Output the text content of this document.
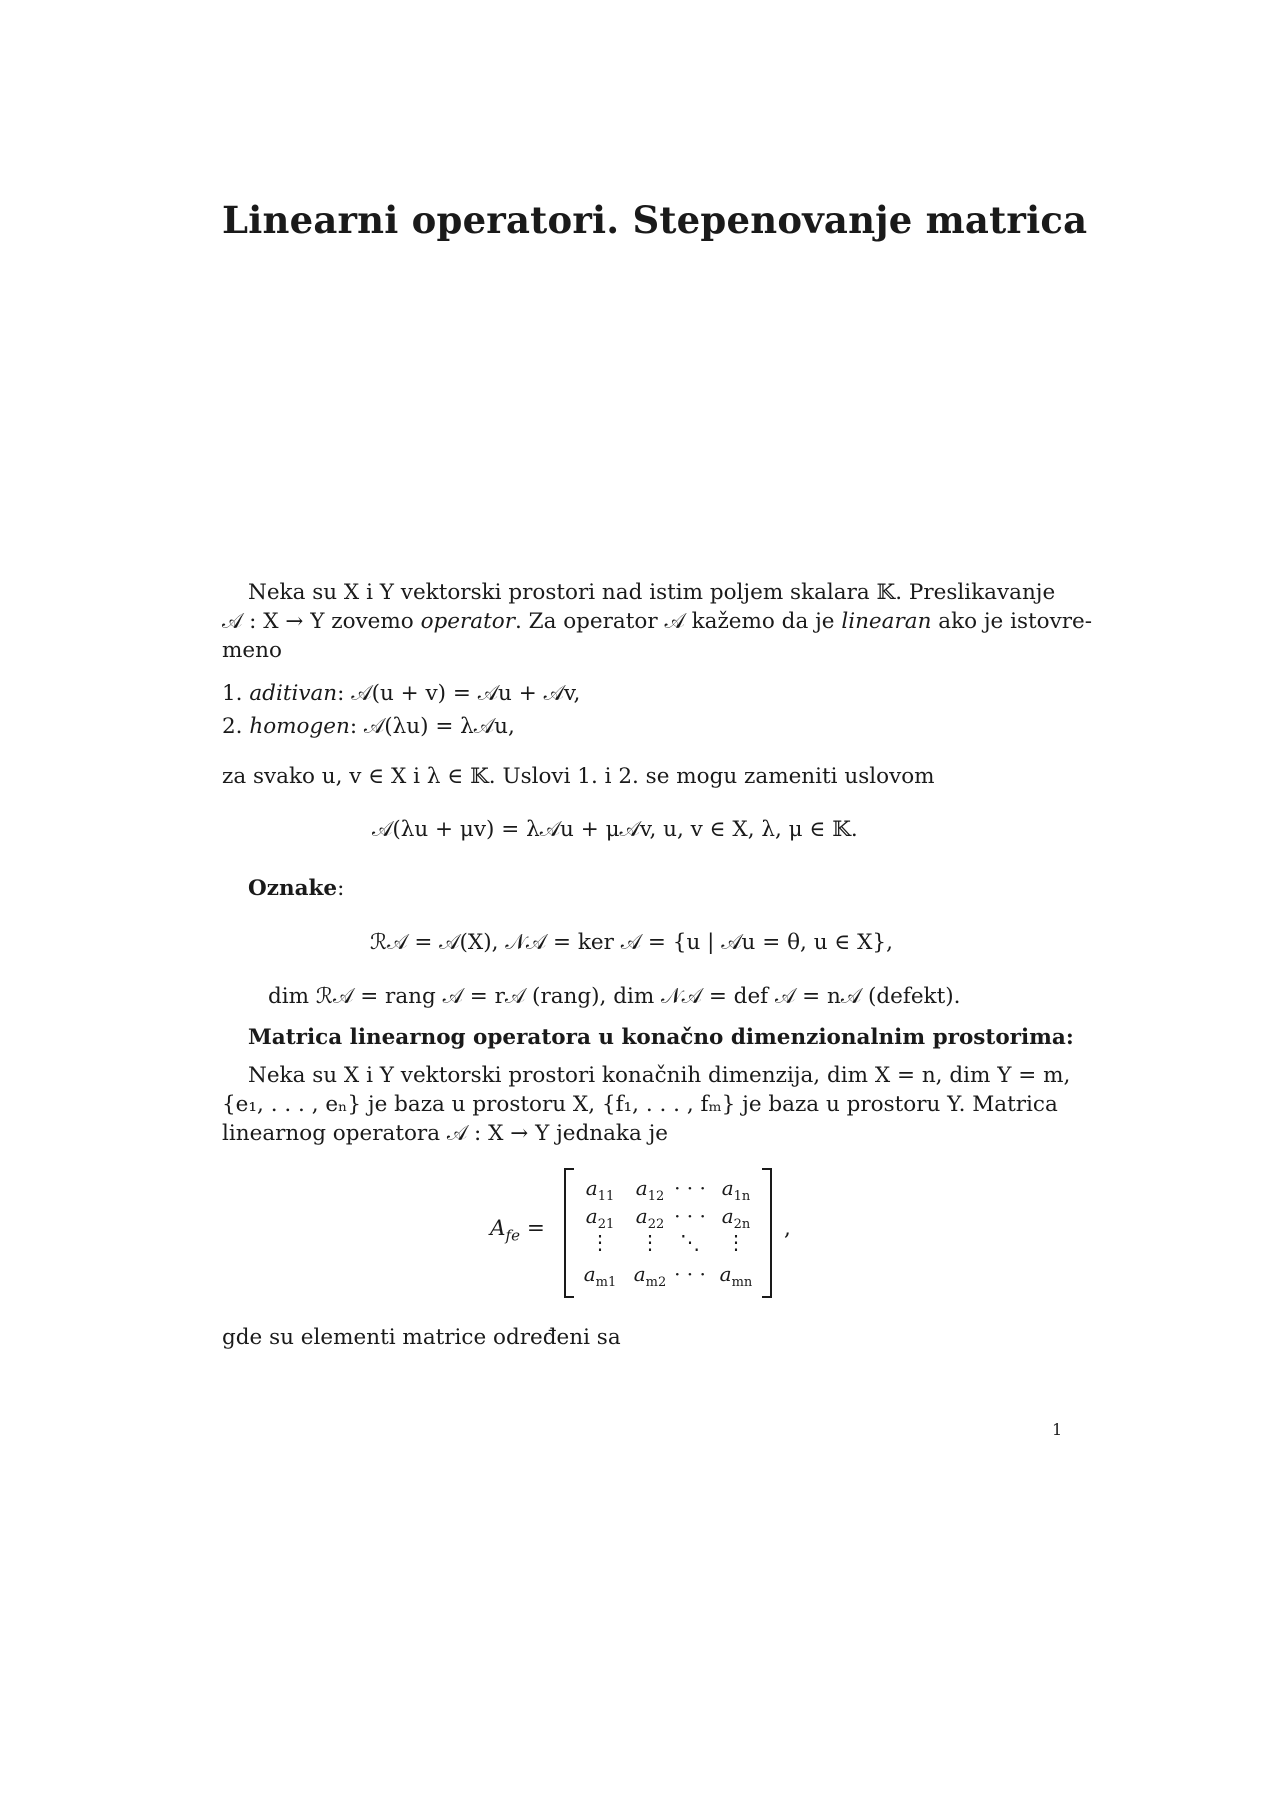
Linearni operatori. Stepenovanje matrica

Neka su X i Y vektorski prostori nad istim poljem skalara 𝕂. Preslikavanje

𝒜 : X → Y zovemo operator. Za operator 𝒜 kažemo da je linearan ako je istovre-

meno

1. aditivan: 𝒜(u + v) = 𝒜u + 𝒜v,
2. homogen: 𝒜(λu) = λ𝒜u,

za svako u, v ∈ X i λ ∈ 𝕂. Uslovi 1. i 2. se mogu zameniti uslovom

𝒜(λu + μv) = λ𝒜u + μ𝒜v, u, v ∈ X, λ, μ ∈ 𝕂.
Oznake:
ℛ𝒜 = 𝒜(X), 𝒩𝒜 = ker 𝒜 = {u | 𝒜u = θ, u ∈ X},
dim ℛ𝒜 = rang 𝒜 = r𝒜 (rang), dim 𝒩𝒜 = def 𝒜 = n𝒜 (defekt).
Matrica linearnog operatora u konačno dimenzionalnim prostorima:

Neka su X i Y vektorski prostori konačnih dimenzija, dim X = n, dim Y = m,

{e₁, . . . , eₙ} je baza u prostoru X, {f₁, . . . , fₘ} je baza u prostoru Y. Matrica

linearnog operatora 𝒜 : X → Y jednaka je

$A_{fe}$ =	,
$a_{11}$	$a_{12}$ · · · $a_{1n}$
$a_{21}$	$a_{22}$ · · · $a_{2n}$
⋮	⋮	⋱	⋮
$a_{m1}$ $a_{m2}$ · · · $a_{mn}$

gde su elementi matrice određeni sa

1
